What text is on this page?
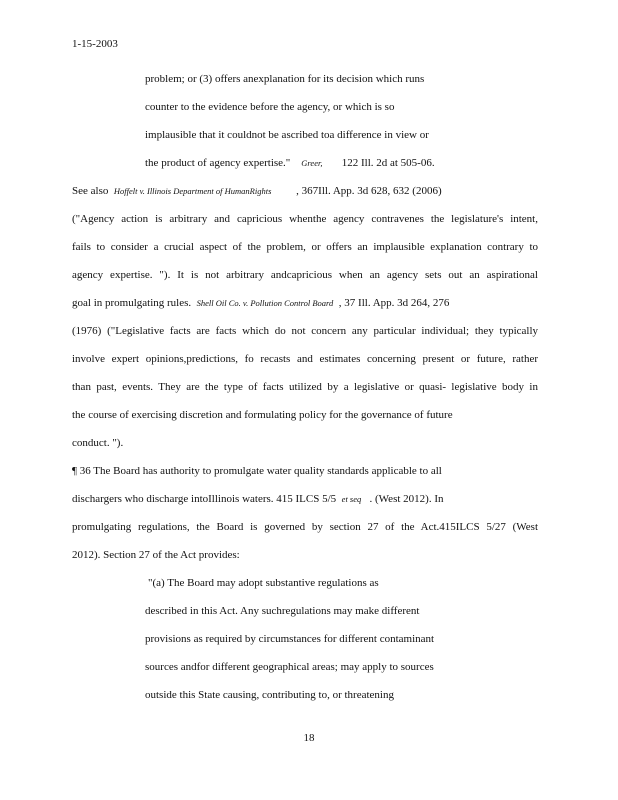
1-15-2003
problem; or (3) offers anexplanation for its decision which runs
counter to the evidence before the agency, or which is so
implausible that it couldnot be ascribed toa difference in view or
the product of agency expertise." Greer, 122 Ill. 2d at 505-06.
See also Hoffelt v. Illinois Department of HumanRights , 367Ill. App. 3d 628, 632 (2006)
("Agency action is arbitrary and capricious whenthe agency contravenes the legislature's intent,
fails to consider a crucial aspect of the problem, or offers an implausible explanation contrary to
agency expertise. "). It is not arbitrary andcapricious when an agency sets out an aspirational
goal in promulgating rules. Shell Oil Co. v. Pollution Control Board , 37 Ill. App. 3d 264, 276
(1976) ("Legislative facts are facts which do not concern any particular individual; they typically
involve expert opinions,predictions, fo recasts and estimates concerning present or future, rather
than past, events. They are the type of facts utilized by a legislative or quasi- legislative body in
the course of exercising discretion and formulating policy for the governance of future
conduct. ").
¶ 36 The Board has authority to promulgate water quality standards applicable to all
dischargers who discharge intoIllinois waters. 415 ILCS 5/5 et seq . (West 2012). In
promulgating regulations, the Board is governed by section 27 of the Act.415ILCS 5/27 (West
2012). Section 27 of the Act provides:
"(a) The Board may adopt substantive regulations as
described in this Act. Any suchregulations may make different
provisions as required by circumstances for different contaminant
sources andfor different geographical areas; may apply to sources
outside this State causing, contributing to, or threatening
18
